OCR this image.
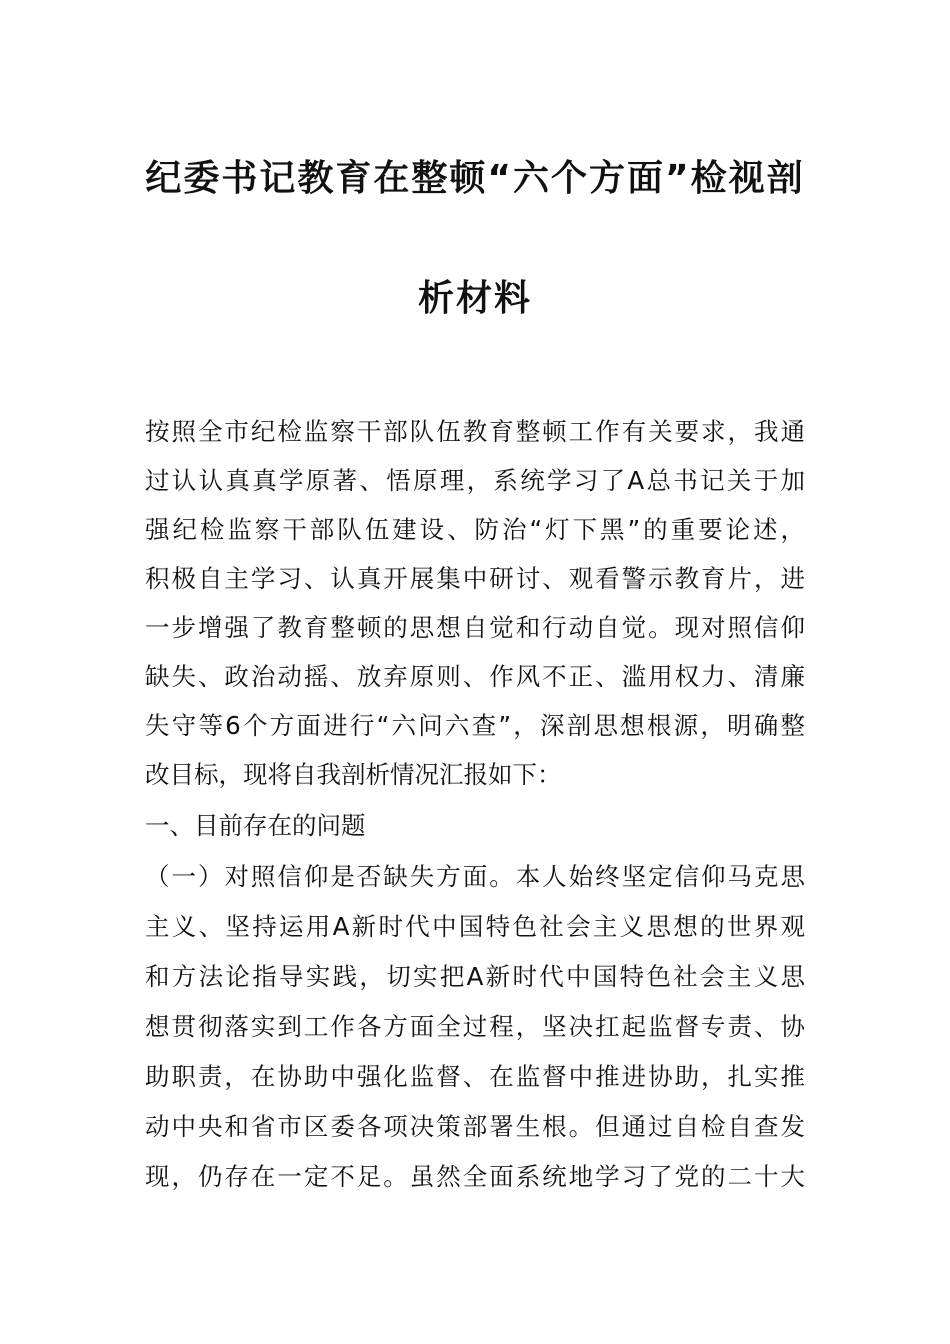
纪委书记教育在整顿“六个方面”检视剖
析材料
按照全市纪检监察干部队伍教育整顿工作有关要求，我通
过认认真真学原著、悟原理，系统学习了A总书记关于加
强纪检监察干部队伍建设、防治“灯下黑”的重要论述，
积极自主学习、认真开展集中研讨、观看警示教育片，进
一步增强了教育整顿的思想自觉和行动自觉。现对照信仰
缺失、政治动摇、放弃原则、作风不正、滥用权力、清廉
失守等6个方面进行“六问六查”，深剖思想根源，明确整
改目标，现将自我剖析情况汇报如下：
一、目前存在的问题
（一）对照信仰是否缺失方面。本人始终坚定信仰马克思
主义、坚持运用A新时代中国特色社会主义思想的世界观
和方法论指导实践，切实把A新时代中国特色社会主义思
想贯彻落实到工作各方面全过程，坚决扛起监督专责、协
助职责，在协助中强化监督、在监督中推进协助，扎实推
动中央和省市区委各项决策部署生根。但通过自检自查发
现，仍存在一定不足。虽然全面系统地学习了党的二十大
